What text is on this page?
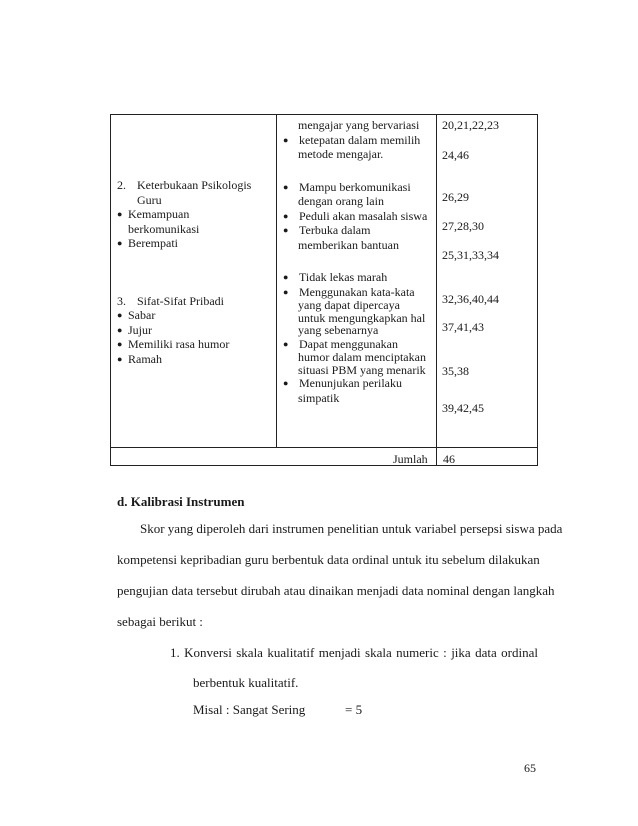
2. Keterbukaan Psikologis
Guru
● Kemampuan
berkomunikasi
● Berempati
3. Sifat-Sifat Pribadi
● Sabar
● Jujur
● Memiliki rasa humor
● Ramah
mengajar yang bervariasi
● ketepatan dalam memilih
metode mengajar.
● Mampu berkomunikasi
dengan orang lain
● Peduli akan masalah siswa
● Terbuka dalam
memberikan bantuan
● Tidak lekas marah
● Menggunakan kata-kata
yang dapat dipercaya
untuk mengungkapkan hal
yang sebenarnya
● Dapat menggunakan
humor dalam menciptakan
situasi PBM yang menarik
● Menunjukan perilaku
simpatik
20,21,22,23
24,46
26,29
27,28,30
25,31,33,34
32,36,40,44
37,41,43
35,38
39,42,45
Jumlah 46
d. Kalibrasi Instrumen
Skor yang diperoleh dari instrumen penelitian untuk variabel persepsi siswa pada
kompetensi kepribadian guru berbentuk data ordinal untuk itu sebelum dilakukan
pengujian data tersebut dirubah atau dinaikan menjadi data nominal dengan langkah
sebagai berikut :
1. Konversi skala kualitatif menjadi skala numeric : jika data ordinal
berbentuk kualitatif.
Misal : Sangat Sering	= 5
65
